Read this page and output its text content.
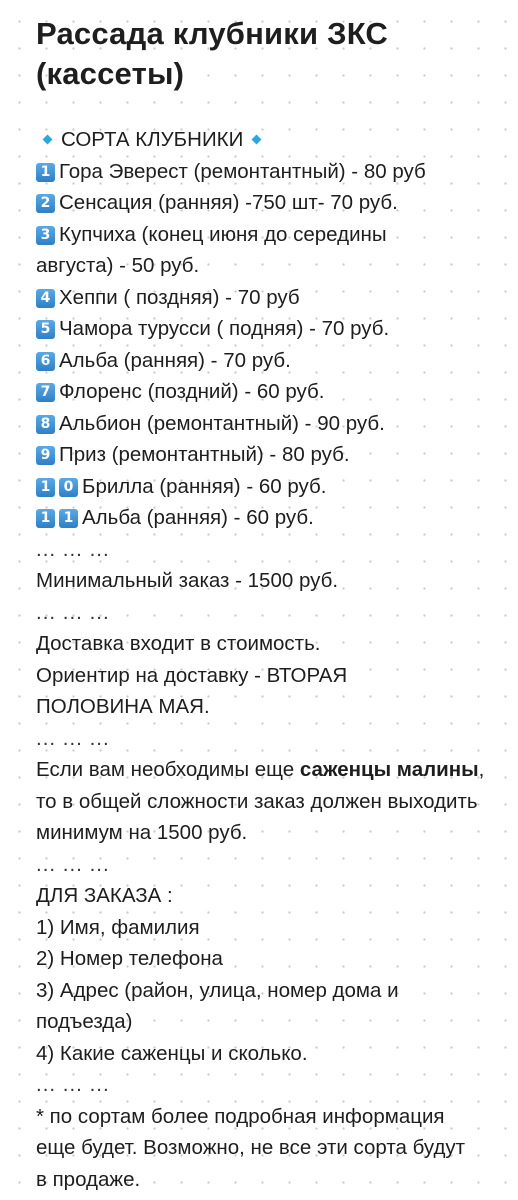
Рассада клубники ЗКС (кассеты)
СОРТА КЛУБНИКИ
1 Гора Эверест (ремонтантный) - 80 руб
2 Сенсация (ранняя) -750 шт- 70 руб.
3 Купчиха (конец июня до середины августа) - 50 руб.
4 Хеппи ( поздняя) - 70 руб
5 Чамора турусси ( подняя) - 70 руб.
6 Альба (ранняя) - 70 руб.
7 Флоренс (поздний) - 60 руб.
8 Альбион (ремонтантный) - 90 руб.
9 Приз (ремонтантный) - 80 руб.
1 0 Брилла (ранняя) - 60 руб.
1 1 Альба (ранняя) - 60 руб.
... ... ...
Минимальный заказ - 1500 руб.
... ... ...
Доставка входит в стоимость.
Ориентир на доставку - ВТОРАЯ ПОЛОВИНА МАЯ.
... ... ...
Если вам необходимы еще саженцы малины, то в общей сложности заказ должен выходить минимум на 1500 руб.
... ... ...
ДЛЯ ЗАКАЗА :
1) Имя, фамилия
2) Номер телефона
3) Адрес (район, улица, номер дома и подъезда)
4) Какие саженцы и сколько.
... ... ...
* по сортам более подробная информация еще будет. Возможно, не все эти сорта будут в продаже.
